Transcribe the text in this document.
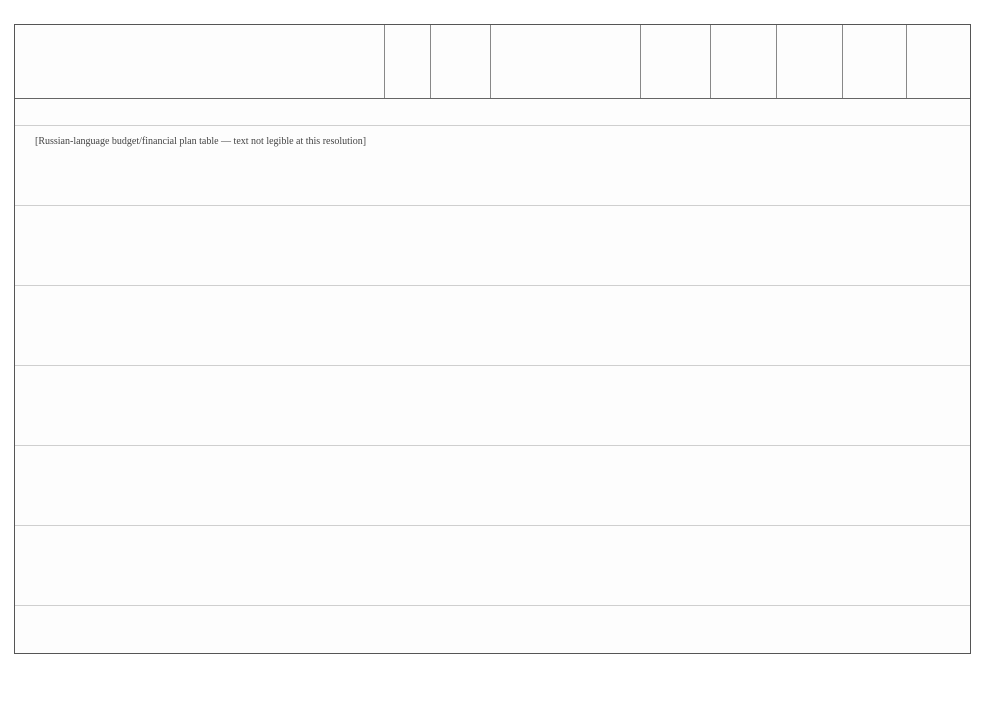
[Russian-language budget/financial plan table — text not legible at this resolution]
